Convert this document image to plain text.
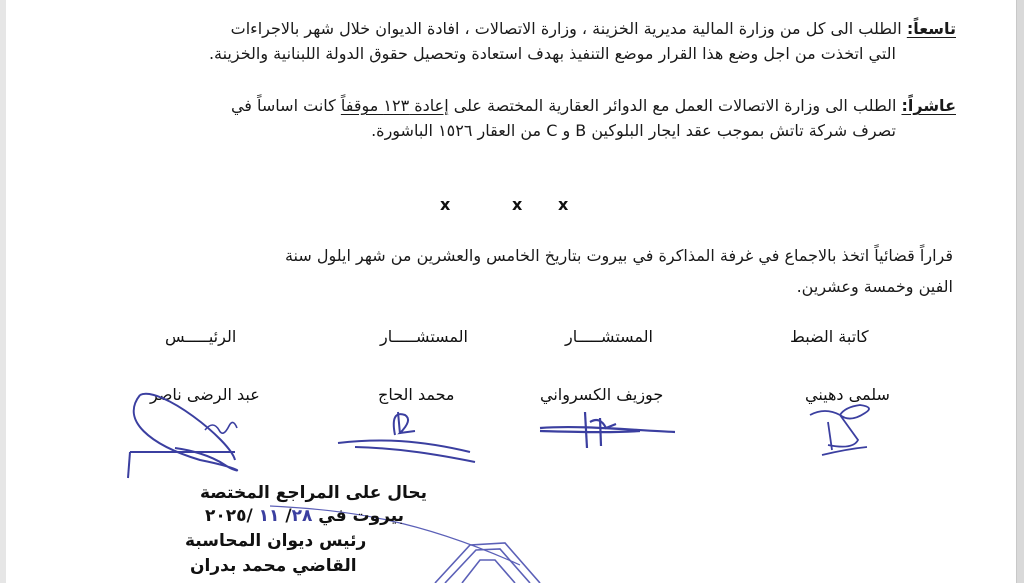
تاسعاً: الطلب الى كل من وزارة المالية مديرية الخزينة ، وزارة الاتصالات ، افادة الديوان خلال شهر بالاجراءات
التي اتخذت من اجل وضع هذا القرار موضع التنفيذ بهدف استعادة وتحصيل حقوق الدولة اللبنانية والخزينة.
عاشراً: الطلب الى وزارة الاتصالات العمل مع الدوائر العقارية المختصة على إعادة ١٢٣ موقفاً كانت اساساً في
تصرف شركة تاتش بموجب عقد ايجار البلوكين B و C من العقار ١٥٢٦ الباشورة.
x	x x
قراراً قضائياً اتخذ بالاجماع في غرفة المذاكرة في بيروت بتاريخ الخامس والعشرين من شهر ايلول سنة
الفين وخمسة وعشرين.
كاتبة الضبط
المستشـــــار
المستشـــــار
الرئيـــــس
سلمى دهيني
جوزيف الكسرواني
محمد الحاج
عبد الرضى ناصر
يحال على المراجع المختصة
بيروت في ٢٨/ ١١ /٢٠٢٥
رئيس ديوان المحاسبة
القاضي محمد بدران
